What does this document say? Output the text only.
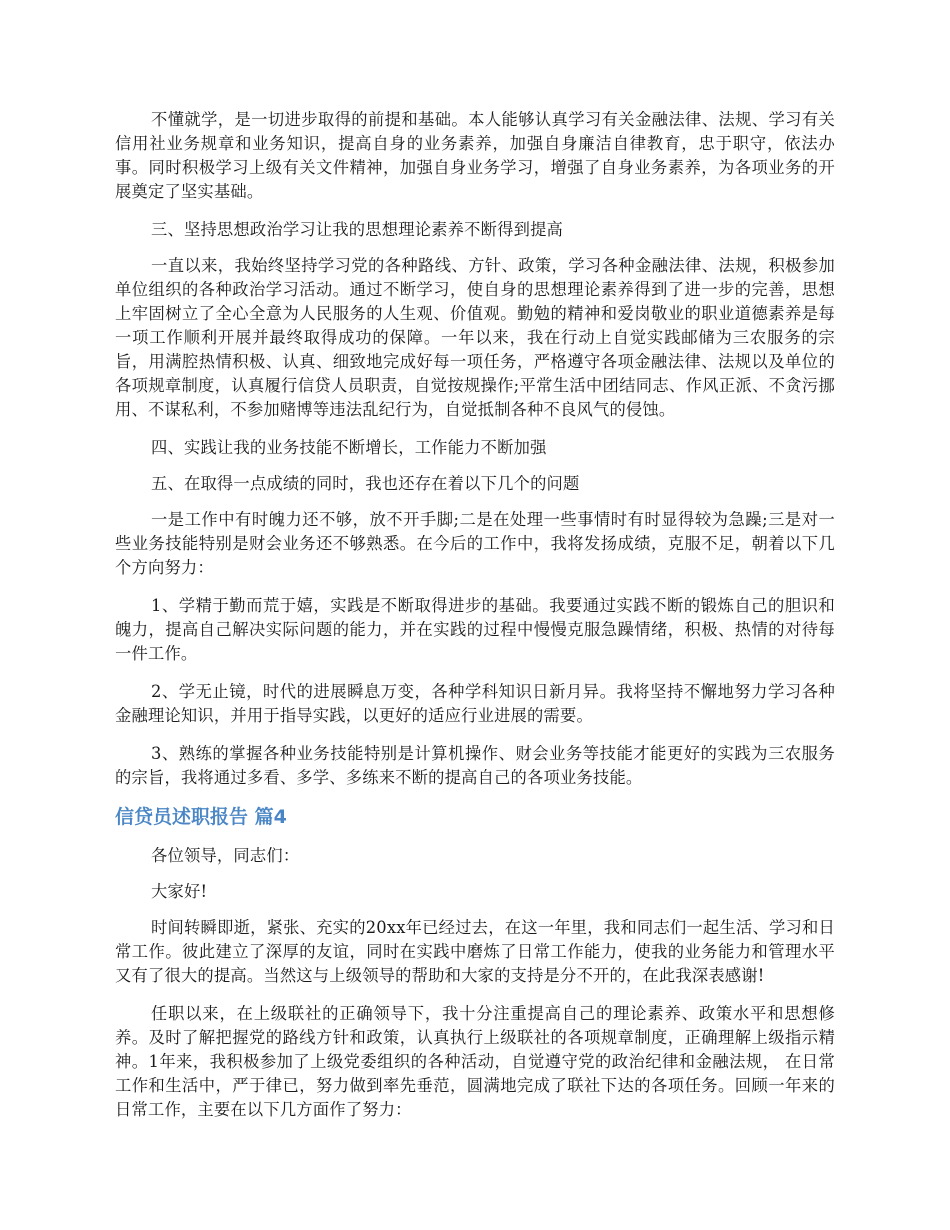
不懂就学，是一切进步取得的前提和基础。本人能够认真学习有关金融法律、法规、学习有关信用社业务规章和业务知识，提高自身的业务素养，加强自身廉洁自律教育，忠于职守，依法办事。同时积极学习上级有关文件精神，加强自身业务学习，增强了自身业务素养，为各项业务的开展奠定了坚实基础。

三、坚持思想政治学习让我的思想理论素养不断得到提高

一直以来，我始终坚持学习党的各种路线、方针、政策，学习各种金融法律、法规，积极参加单位组织的各种政治学习活动。通过不断学习，使自身的思想理论素养得到了进一步的完善，思想上牢固树立了全心全意为人民服务的人生观、价值观。勤勉的精神和爱岗敬业的职业道德素养是每一项工作顺利开展并最终取得成功的保障。一年以来，我在行动上自觉实践邮储为三农服务的宗旨，用满腔热情积极、认真、细致地完成好每一项任务，严格遵守各项金融法律、法规以及单位的各项规章制度，认真履行信贷人员职责，自觉按规操作;平常生活中团结同志、作风正派、不贪污挪用、不谋私利，不参加赌博等违法乱纪行为，自觉抵制各种不良风气的侵蚀。

四、实践让我的业务技能不断增长，工作能力不断加强

五、在取得一点成绩的同时，我也还存在着以下几个的问题

一是工作中有时魄力还不够，放不开手脚;二是在处理一些事情时有时显得较为急躁;三是对一些业务技能特别是财会业务还不够熟悉。在今后的工作中，我将发扬成绩，克服不足，朝着以下几个方向努力：

1、学精于勤而荒于嬉，实践是不断取得进步的基础。我要通过实践不断的锻炼自己的胆识和魄力，提高自己解决实际问题的能力，并在实践的过程中慢慢克服急躁情绪，积极、热情的对待每一件工作。

2、学无止镜，时代的进展瞬息万变，各种学科知识日新月异。我将坚持不懈地努力学习各种金融理论知识，并用于指导实践，以更好的适应行业进展的需要。

3、熟练的掌握各种业务技能特别是计算机操作、财会业务等技能才能更好的实践为三农服务的宗旨，我将通过多看、多学、多练来不断的提高自己的各项业务技能。

信贷员述职报告 篇4

各位领导，同志们：

大家好!

时间转瞬即逝，紧张、充实的20xx年已经过去，在这一年里，我和同志们一起生活、学习和日常工作。彼此建立了深厚的友谊，同时在实践中磨炼了日常工作能力，使我的业务能力和管理水平又有了很大的提高。当然这与上级领导的帮助和大家的支持是分不开的，在此我深表感谢!

任职以来，在上级联社的正确领导下，我十分注重提高自己的理论素养、政策水平和思想修养。及时了解把握党的路线方针和政策，认真执行上级联社的各项规章制度，正确理解上级指示精神。1年来，我积极参加了上级党委组织的各种活动，自觉遵守党的政治纪律和金融法规， 在日常工作和生活中，严于律已，努力做到率先垂范，圆满地完成了联社下达的各项任务。回顾一年来的日常工作，主要在以下几方面作了努力：
